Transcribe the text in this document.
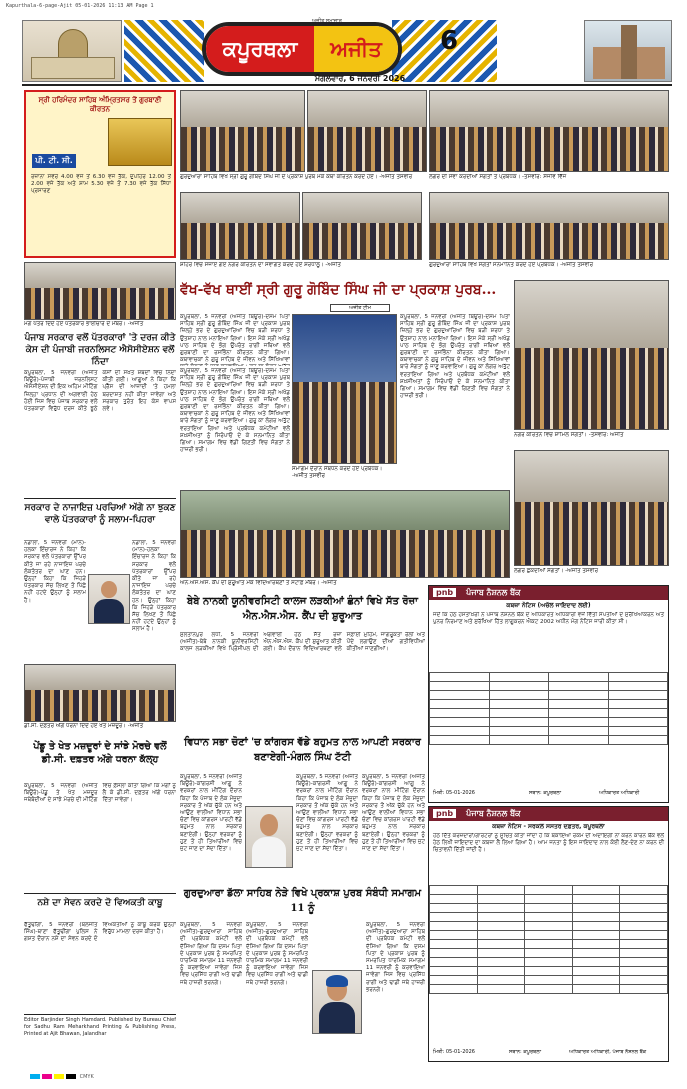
Kapurthala-6-page-Ajit 05-01-2026 11:13 AM Page 1
ਕਪੂਰਥਲਾ	ਅਜੀਤ
ਅਜੀਤ ਸਮਾਚਾਰ
ਮੰਗਲਵਾਰ, 6 ਜਨਵਰੀ 2026
6
ਸ੍ਰੀ ਹਰਿਮੰਦਰ ਸਾਹਿਬ ਅੰਮ੍ਰਿਤਸਰ ਤੋਂ ਗੁਰਬਾਣੀ ਕੀਰਤਨ
ਪੀ. ਟੀ. ਸੀ.
ਰੋਜ਼ਾਨਾ ਸਵੇਰੇ 4.00 ਵਜੇ ਤੋਂ 6.30 ਵਜੇ ਤੱਕ, ਦੁਪਹਿਰ 12.00 ਤੋਂ 2.00 ਵਜੇ ਤੱਕ ਅਤੇ ਸ਼ਾਮ 5.30 ਵਜੇ ਤੋਂ 7.30 ਵਜੇ ਤੱਕ ਸਿੱਧਾ ਪ੍ਰਸਾਰਣ
ਗੁਰਦੁਆਰਾ ਸਾਹਿਬ ਵਿਖੇ ਸ੍ਰੀ ਗੁਰੂ ਗੋਬਿੰਦ ਸਿੰਘ ਜੀ ਦੇ ਪ੍ਰਕਾਸ਼ ਪੁਰਬ ਮੌਕੇ ਕਥਾ ਕੀਰਤਨ ਕਰਦੇ ਹੋਏ। -ਅਜੀਤ ਤਸਵੀਰ	ਲੰਗਰ ਦੀ ਸੇਵਾ ਕਰਦੀਆਂ ਸੰਗਤਾਂ ਤੇ ਪ੍ਰਬੰਧਕ। -ਤਸਵੀਰ: ਸੰਜੀਵ ਵਿੱਜ
ਸ਼ਹਿਰ ਵਿਚ ਸਜਾਏ ਗਏ ਨਗਰ ਕੀਰਤਨ ਦਾ ਸਵਾਗਤ ਕਰਦੇ ਹੋਏ ਸ਼ਰਧਾਲੂ। -ਅਜੀਤ	ਗੁਰਦੁਆਰਾ ਸਾਹਿਬ ਵਿਖੇ ਸੰਗਤਾਂ ਸਨਮਾਨਿਤ ਕਰਦੇ ਹੋਏ ਪ੍ਰਬੰਧਕ। -ਅਜੀਤ ਤਸਵੀਰ
ਮੰਗ ਪੱਤਰ ਦਿੰਦੇ ਹੋਏ ਪੱਤਰਕਾਰ ਭਾਈਚਾਰੇ ਦੇ ਮੈਂਬਰ। -ਅਜੀਤ
ਪੰਜਾਬ ਸਰਕਾਰ ਵਲੋਂ ਪੱਤਰਕਾਰਾਂ 'ਤੇ ਦਰਜ ਕੀਤੇ ਕੇਸ ਦੀ ਪੰਜਾਬੀ ਜਰਨਲਿਸਟ ਐਸੋਸੀਏਸ਼ਨ ਵਲੋਂ ਨਿੰਦਾ
ਕਪੂਰਥਲਾ, 5 ਜਨਵਰੀ (ਅਜੀਤ ਬਿਊਰੋ)-ਪੰਜਾਬੀ ਜਰਨਲਿਸਟ ਐਸੋਸੀਏਸ਼ਨ ਦੀ ਇਕ ਅਹਿਮ ਮੀਟਿੰਗ ਜ਼ਿਲ੍ਹਾ ਪ੍ਰਧਾਨ ਦੀ ਅਗਵਾਈ ਹੇਠ ਹੋਈ ਜਿਸ ਵਿਚ ਪੰਜਾਬ ਸਰਕਾਰ ਵਲੋਂ ਪੱਤਰਕਾਰਾਂ ਵਿਰੁੱਧ ਦਰਜ ਕੀਤੇ ਝੂਠੇ ਕੇਸਾਂ ਦੀ ਸਖ਼ਤ ਸ਼ਬਦਾਂ ਵਿਚ ਨਿੰਦਾ ਕੀਤੀ ਗਈ। ਆਗੂਆਂ ਨੇ ਕਿਹਾ ਕਿ ਪ੍ਰੈੱਸ ਦੀ ਆਜ਼ਾਦੀ 'ਤੇ ਹਮਲਾ ਬਰਦਾਸ਼ਤ ਨਹੀਂ ਕੀਤਾ ਜਾਵੇਗਾ ਅਤੇ ਸਰਕਾਰ ਤੁਰੰਤ ਇਹ ਕੇਸ ਵਾਪਸ ਲਵੇ।
ਸਰਕਾਰ ਦੇ ਨਾਜਾਇਜ਼ ਪਰਚਿਆਂ ਅੱਗੇ ਨਾ ਝੁਕਣ ਵਾਲੇ ਪੱਤਰਕਾਰਾਂ ਨੂੰ ਸਲਾਮ-ਪਿਹਰਾ
ਨਡਾਲਾ, 5 ਜਨਵਰੀ (ਮਾਨ)-ਹਲਕਾ ਇੰਚਾਰਜ ਨੇ ਕਿਹਾ ਕਿ ਸਰਕਾਰ ਵਲੋਂ ਪੱਤਰਕਾਰਾਂ ਉੱਪਰ ਕੀਤੇ ਜਾ ਰਹੇ ਨਾਜਾਇਜ਼ ਪਰਚੇ ਲੋਕਤੰਤਰ ਦਾ ਘਾਣ ਹਨ। ਉਨ੍ਹਾਂ ਕਿਹਾ ਕਿ ਜਿਹੜੇ ਪੱਤਰਕਾਰ ਸੱਚ ਲਿਖਣ ਤੋਂ ਪਿੱਛੇ ਨਹੀਂ ਹਟਦੇ ਉਨ੍ਹਾਂ ਨੂੰ ਸਲਾਮ ਹੈ।
ਨਡਾਲਾ, 5 ਜਨਵਰੀ (ਮਾਨ)-ਹਲਕਾ ਇੰਚਾਰਜ ਨੇ ਕਿਹਾ ਕਿ ਸਰਕਾਰ ਵਲੋਂ ਪੱਤਰਕਾਰਾਂ ਉੱਪਰ ਕੀਤੇ ਜਾ ਰਹੇ ਨਾਜਾਇਜ਼ ਪਰਚੇ ਲੋਕਤੰਤਰ ਦਾ ਘਾਣ ਹਨ। ਉਨ੍ਹਾਂ ਕਿਹਾ ਕਿ ਜਿਹੜੇ ਪੱਤਰਕਾਰ ਸੱਚ ਲਿਖਣ ਤੋਂ ਪਿੱਛੇ ਨਹੀਂ ਹਟਦੇ ਉਨ੍ਹਾਂ ਨੂੰ ਸਲਾਮ ਹੈ।
ਡੀ.ਸੀ. ਦਫ਼ਤਰ ਅੱਗੇ ਧਰਨਾ ਦਿੰਦੇ ਹੋਏ ਖੇਤ ਮਜ਼ਦੂਰ। -ਅਜੀਤ
ਪੇਂਡੂ ਤੇ ਖੇਤ ਮਜ਼ਦੂਰਾਂ ਦੇ ਸਾਂਝੇ ਮੋਰਚੇ ਵਲੋਂ ਡੀ.ਸੀ. ਦਫ਼ਤਰ ਅੱਗੇ ਧਰਨਾ ਕੱਲ੍ਹ
ਕਪੂਰਥਲਾ, 5 ਜਨਵਰੀ (ਅਜੀਤ ਬਿਊਰੋ)-ਪੇਂਡੂ ਤੇ ਖੇਤ ਮਜ਼ਦੂਰ ਜਥੇਬੰਦੀਆਂ ਦੇ ਸਾਂਝੇ ਮੋਰਚੇ ਦੀ ਮੀਟਿੰਗ ਵਿਚ ਫ਼ੈਸਲਾ ਕੀਤਾ ਗਿਆ ਕਿ ਮੰਗਾਂ ਨੂੰ ਲੈ ਕੇ ਡੀ.ਸੀ. ਦਫ਼ਤਰ ਅੱਗੇ ਧਰਨਾ ਦਿੱਤਾ ਜਾਵੇਗਾ।
ਨਸ਼ੇ ਦਾ ਸੇਵਨ ਕਰਦੇ ਦੋ ਵਿਅਕਤੀ ਕਾਬੂ
ਫੱਤੂਢੀਂਗਾ, 5 ਜਨਵਰੀ (ਬਲਜੀਤ ਸਿੰਘ)-ਥਾਣਾ ਫੱਤੂਢੀਂਗਾ ਪੁਲਿਸ ਨੇ ਗਸ਼ਤ ਦੌਰਾਨ ਨਸ਼ੇ ਦਾ ਸੇਵਨ ਕਰਦੇ ਦੋ ਵਿਅਕਤੀਆਂ ਨੂੰ ਕਾਬੂ ਕਰਕੇ ਉਨ੍ਹਾਂ ਵਿਰੁੱਧ ਮਾਮਲਾ ਦਰਜ ਕੀਤਾ ਹੈ।
Editor Barjinder Singh Hamdard. Published by Bureau Chief for Sadhu Ram Meharkhand Printing & Publishing Press, Printed at Ajit Bhawan, Jalandhar
ਵੱਖ-ਵੱਖ ਥਾਈਂ ਸ੍ਰੀ ਗੁਰੂ ਗੋਬਿੰਦ ਸਿੰਘ ਜੀ ਦਾ ਪ੍ਰਕਾਸ਼ ਪੁਰਬ...
ਅਜੀਤ ਟੀਮ
ਕਪੂਰਥਲਾ, 5 ਜਨਵਰੀ (ਅਜੀਤ ਬਿਊਰੋ)-ਦਸਮ ਪਿਤਾ ਸਾਹਿਬ ਸ੍ਰੀ ਗੁਰੂ ਗੋਬਿੰਦ ਸਿੰਘ ਜੀ ਦਾ ਪ੍ਰਕਾਸ਼ ਪੁਰਬ ਜ਼ਿਲ੍ਹੇ ਭਰ ਦੇ ਗੁਰਦੁਆਰਿਆਂ ਵਿਚ ਬੜੀ ਸ਼ਰਧਾ ਤੇ ਉਤਸ਼ਾਹ ਨਾਲ ਮਨਾਇਆ ਗਿਆ। ਇਸ ਮੌਕੇ ਸ੍ਰੀ ਅਖੰਡ ਪਾਠ ਸਾਹਿਬ ਦੇ ਭੋਗ ਉਪਰੰਤ ਰਾਗੀ ਜਥਿਆਂ ਵਲੋਂ ਗੁਰਬਾਣੀ ਦਾ ਰਸਭਿੰਨਾ ਕੀਰਤਨ ਕੀਤਾ ਗਿਆ। ਕਥਾਵਾਚਕਾਂ ਨੇ ਗੁਰੂ ਸਾਹਿਬ ਦੇ ਜੀਵਨ ਅਤੇ ਸਿੱਖਿਆਵਾਂ
ਕਪੂਰਥਲਾ, 5 ਜਨਵਰੀ (ਅਜੀਤ ਬਿਊਰੋ)-ਦਸਮ ਪਿਤਾ ਸਾਹਿਬ ਸ੍ਰੀ ਗੁਰੂ ਗੋਬਿੰਦ ਸਿੰਘ ਜੀ ਦਾ ਪ੍ਰਕਾਸ਼ ਪੁਰਬ ਜ਼ਿਲ੍ਹੇ ਭਰ ਦੇ ਗੁਰਦੁਆਰਿਆਂ ਵਿਚ ਬੜੀ ਸ਼ਰਧਾ ਤੇ ਉਤਸ਼ਾਹ ਨਾਲ ਮਨਾਇਆ ਗਿਆ। ਇਸ ਮੌਕੇ ਸ੍ਰੀ ਅਖੰਡ ਪਾਠ ਸਾਹਿਬ ਦੇ ਭੋਗ ਉਪਰੰਤ ਰਾਗੀ ਜਥਿਆਂ ਵਲੋਂ ਗੁਰਬਾਣੀ ਦਾ ਰਸਭਿੰਨਾ ਕੀਰਤਨ ਕੀਤਾ ਗਿਆ। ਕਥਾਵਾਚਕਾਂ ਨੇ ਗੁਰੂ ਸਾਹਿਬ ਦੇ ਜੀਵਨ ਅਤੇ ਸਿੱਖਿਆਵਾਂ ਬਾਰੇ ਸੰਗਤਾਂ ਨੂੰ ਜਾਣੂ ਕਰਵਾਇਆ। ਗੁਰੂ ਕਾ ਲੰਗਰ ਅਤੁੱਟ ਵਰਤਾਇਆ ਗਿਆ ਅਤੇ ਪ੍ਰਬੰਧਕ ਕਮੇਟੀਆਂ ਵਲੋਂ ਸ਼ਖ਼ਸੀਅਤਾਂ ਨੂੰ ਸਿਰੋਪਾਓ ਦੇ ਕੇ ਸਨਮਾਨਿਤ ਕੀਤਾ ਗਿਆ। ਸਮਾਗਮ ਵਿਚ ਵੱਡੀ ਗਿਣਤੀ ਵਿਚ ਸੰਗਤਾਂ ਨੇ ਹਾਜ਼ਰੀ ਭਰੀ।
ਸਮਾਗਮ ਦੌਰਾਨ ਸੰਬੋਧਨ ਕਰਦੇ ਹੋਏ ਪ੍ਰਬੰਧਕ। -ਅਜੀਤ ਤਸਵੀਰ
ਕਪੂਰਥਲਾ, 5 ਜਨਵਰੀ (ਅਜੀਤ ਬਿਊਰੋ)-ਦਸਮ ਪਿਤਾ ਸਾਹਿਬ ਸ੍ਰੀ ਗੁਰੂ ਗੋਬਿੰਦ ਸਿੰਘ ਜੀ ਦਾ ਪ੍ਰਕਾਸ਼ ਪੁਰਬ ਜ਼ਿਲ੍ਹੇ ਭਰ ਦੇ ਗੁਰਦੁਆਰਿਆਂ ਵਿਚ ਬੜੀ ਸ਼ਰਧਾ ਤੇ ਉਤਸ਼ਾਹ ਨਾਲ ਮਨਾਇਆ ਗਿਆ। ਇਸ ਮੌਕੇ ਸ੍ਰੀ ਅਖੰਡ ਪਾਠ ਸਾਹਿਬ ਦੇ ਭੋਗ ਉਪਰੰਤ ਰਾਗੀ ਜਥਿਆਂ ਵਲੋਂ ਗੁਰਬਾਣੀ ਦਾ ਰਸਭਿੰਨਾ ਕੀਰਤਨ ਕੀਤਾ ਗਿਆ। ਕਥਾਵਾਚਕਾਂ ਨੇ ਗੁਰੂ ਸਾਹਿਬ ਦੇ ਜੀਵਨ ਅਤੇ ਸਿੱਖਿਆਵਾਂ ਬਾਰੇ ਸੰਗਤਾਂ ਨੂੰ ਜਾਣੂ ਕਰਵਾਇਆ। ਗੁਰੂ ਕਾ ਲੰਗਰ ਅਤੁੱਟ ਵਰਤਾਇਆ ਗਿਆ ਅਤੇ ਪ੍ਰਬੰਧਕ ਕਮੇਟੀਆਂ ਵਲੋਂ ਸ਼ਖ਼ਸੀਅਤਾਂ ਨੂੰ ਸਿਰੋਪਾਓ ਦੇ ਕੇ ਸਨਮਾਨਿਤ ਕੀਤਾ ਗਿਆ। ਸਮਾਗਮ ਵਿਚ ਵੱਡੀ ਗਿਣਤੀ ਵਿਚ ਸੰਗਤਾਂ ਨੇ ਹਾਜ਼ਰੀ ਭਰੀ।
ਨਗਰ ਕੀਰਤਨ ਵਿਚ ਸ਼ਾਮਿਲ ਸੰਗਤਾਂ। -ਤਸਵੀਰ: ਅਜੀਤ
ਲੰਗਰ ਛਕਦੀਆਂ ਸੰਗਤਾਂ। -ਅਜੀਤ ਤਸਵੀਰ
ਐਨ.ਐਸ.ਐਸ. ਕੈਂਪ ਦੀ ਸ਼ੁਰੂਆਤ ਮੌਕੇ ਵਿਦਿਆਰਥਣਾਂ ਤੇ ਸਟਾਫ਼ ਮੈਂਬਰ। -ਅਜੀਤ
ਬੇਬੇ ਨਾਨਕੀ ਯੂਨੀਵਰਸਿਟੀ ਕਾਲਜ ਲੜਕੀਆਂ ਛੰਨਾਂ ਵਿਖੇ ਸੱਤ ਰੋਜ਼ਾ ਐਨ.ਐਸ.ਐਸ. ਕੈਂਪ ਦੀ ਸ਼ੁਰੂਆਤ
ਸੁਲਤਾਨਪੁਰ ਲੋਧੀ, 5 ਜਨਵਰੀ (ਅਜੀਤ)-ਬੇਬੇ ਨਾਨਕੀ ਯੂਨੀਵਰਸਿਟੀ ਕਾਲਜ ਲੜਕੀਆਂ ਵਿਖੇ ਪ੍ਰਿੰਸੀਪਲ ਦੀ ਅਗਵਾਈ ਹੇਠ ਸੱਤ ਰੋਜ਼ਾ ਐਨ.ਐਸ.ਐਸ. ਕੈਂਪ ਦੀ ਸ਼ੁਰੂਆਤ ਕੀਤੀ ਗਈ। ਕੈਂਪ ਦੌਰਾਨ ਵਿਦਿਆਰਥਣਾਂ ਵਲੋਂ ਸਫ਼ਾਈ ਮੁਹਿੰਮ, ਜਾਗਰੂਕਤਾ ਰੈਲੀ ਅਤੇ ਪੌਦੇ ਲਗਾਉਣ ਦੀਆਂ ਗਤੀਵਿਧੀਆਂ ਕੀਤੀਆਂ ਜਾਣਗੀਆਂ।
pnb ਪੰਜਾਬ ਨੈਸ਼ਨਲ ਬੈਂਕ
ਕਬਜ਼ਾ ਨੋਟਿਸ (ਅਚੱਲ ਜਾਇਦਾਦ ਲਈ)
ਜਦੋਂ ਕਿ ਹੇਠ ਹਸਤਾਖ਼ਰੀ ਨੇ ਪੰਜਾਬ ਨੈਸ਼ਨਲ ਬੈਂਕ ਦੇ ਅਧਿਕਾਰਤ ਅਧਿਕਾਰੀ ਵਜੋਂ ਵਿੱਤੀ ਸੰਪਤੀਆਂ ਦੇ ਸੁਰੱਖਿਆਕਰਨ ਅਤੇ ਪੁਨਰ ਨਿਰਮਾਣ ਅਤੇ ਸੁਰੱਖਿਆ ਹਿੱਤ ਲਾਗੂਕਰਨ ਐਕਟ 2002 ਅਧੀਨ ਮੰਗ ਨੋਟਿਸ ਜਾਰੀ ਕੀਤਾ ਸੀ।

ਮਿਤੀ: 05-01-2026	ਸਥਾਨ: ਕਪੂਰਥਲਾ	ਅਧਿਕਾਰਤ ਅਧਿਕਾਰੀ
ਵਿਧਾਨ ਸਭਾ ਚੋਣਾਂ 'ਚ ਕਾਂਗਰਸ ਵੱਡੇ ਬਹੁਮਤ ਨਾਲ ਆਪਣੀ ਸਰਕਾਰ ਬਣਾਏਗੀ-ਮੰਗਲ ਸਿੰਘ ਟੱਟੀ
ਕਪੂਰਥਲਾ, 5 ਜਨਵਰੀ (ਅਜੀਤ ਬਿਊਰੋ)-ਕਾਂਗਰਸੀ ਆਗੂ ਨੇ ਵਰਕਰਾਂ ਨਾਲ ਮੀਟਿੰਗ ਦੌਰਾਨ ਕਿਹਾ ਕਿ ਪੰਜਾਬ ਦੇ ਲੋਕ ਮੌਜੂਦਾ ਸਰਕਾਰ ਤੋਂ ਅੱਕ ਚੁੱਕੇ ਹਨ ਅਤੇ ਆਉਣ ਵਾਲੀਆਂ ਵਿਧਾਨ ਸਭਾ ਚੋਣਾਂ ਵਿਚ ਕਾਂਗਰਸ ਪਾਰਟੀ ਵੱਡੇ ਬਹੁਮਤ ਨਾਲ ਸਰਕਾਰ ਬਣਾਏਗੀ। ਉਨ੍ਹਾਂ ਵਰਕਰਾਂ ਨੂੰ ਹੁਣ ਤੋਂ ਹੀ ਤਿਆਰੀਆਂ ਵਿਚ ਜੁਟ ਜਾਣ ਦਾ ਸੱਦਾ ਦਿੱਤਾ।
ਕਪੂਰਥਲਾ, 5 ਜਨਵਰੀ (ਅਜੀਤ ਬਿਊਰੋ)-ਕਾਂਗਰਸੀ ਆਗੂ ਨੇ ਵਰਕਰਾਂ ਨਾਲ ਮੀਟਿੰਗ ਦੌਰਾਨ ਕਿਹਾ ਕਿ ਪੰਜਾਬ ਦੇ ਲੋਕ ਮੌਜੂਦਾ ਸਰਕਾਰ ਤੋਂ ਅੱਕ ਚੁੱਕੇ ਹਨ ਅਤੇ ਆਉਣ ਵਾਲੀਆਂ ਵਿਧਾਨ ਸਭਾ ਚੋਣਾਂ ਵਿਚ ਕਾਂਗਰਸ ਪਾਰਟੀ ਵੱਡੇ ਬਹੁਮਤ ਨਾਲ ਸਰਕਾਰ ਬਣਾਏਗੀ। ਉਨ੍ਹਾਂ ਵਰਕਰਾਂ ਨੂੰ ਹੁਣ ਤੋਂ ਹੀ ਤਿਆਰੀਆਂ ਵਿਚ ਜੁਟ ਜਾਣ ਦਾ ਸੱਦਾ ਦਿੱਤਾ।
ਕਪੂਰਥਲਾ, 5 ਜਨਵਰੀ (ਅਜੀਤ ਬਿਊਰੋ)-ਕਾਂਗਰਸੀ ਆਗੂ ਨੇ ਵਰਕਰਾਂ ਨਾਲ ਮੀਟਿੰਗ ਦੌਰਾਨ ਕਿਹਾ ਕਿ ਪੰਜਾਬ ਦੇ ਲੋਕ ਮੌਜੂਦਾ ਸਰਕਾਰ ਤੋਂ ਅੱਕ ਚੁੱਕੇ ਹਨ ਅਤੇ ਆਉਣ ਵਾਲੀਆਂ ਵਿਧਾਨ ਸਭਾ ਚੋਣਾਂ ਵਿਚ ਕਾਂਗਰਸ ਪਾਰਟੀ ਵੱਡੇ ਬਹੁਮਤ ਨਾਲ ਸਰਕਾਰ ਬਣਾਏਗੀ। ਉਨ੍ਹਾਂ ਵਰਕਰਾਂ ਨੂੰ ਹੁਣ ਤੋਂ ਹੀ ਤਿਆਰੀਆਂ ਵਿਚ ਜੁਟ ਜਾਣ ਦਾ ਸੱਦਾ ਦਿੱਤਾ।
ਗੁਰਦੁਆਰਾ ਡੱਲਾ ਸਾਹਿਬ ਨੇੜੇ ਵਿਖੇ ਪ੍ਰਕਾਸ਼ ਪੁਰਬ ਸੰਬੰਧੀ ਸਮਾਗਮ 11 ਨੂੰ
ਕਪੂਰਥਲਾ, 5 ਜਨਵਰੀ (ਅਜੀਤ)-ਗੁਰਦੁਆਰਾ ਸਾਹਿਬ ਦੀ ਪ੍ਰਬੰਧਕ ਕਮੇਟੀ ਵਲੋਂ ਦੱਸਿਆ ਗਿਆ ਕਿ ਦਸਮ ਪਿਤਾ ਦੇ ਪ੍ਰਕਾਸ਼ ਪੁਰਬ ਨੂੰ ਸਮਰਪਿਤ ਧਾਰਮਿਕ ਸਮਾਗਮ 11 ਜਨਵਰੀ ਨੂੰ ਕਰਵਾਇਆ ਜਾਵੇਗਾ ਜਿਸ ਵਿਚ ਪ੍ਰਸਿੱਧ ਰਾਗੀ ਅਤੇ ਢਾਡੀ ਜਥੇ ਹਾਜ਼ਰੀ ਭਰਨਗੇ।
ਕਪੂਰਥਲਾ, 5 ਜਨਵਰੀ (ਅਜੀਤ)-ਗੁਰਦੁਆਰਾ ਸਾਹਿਬ ਦੀ ਪ੍ਰਬੰਧਕ ਕਮੇਟੀ ਵਲੋਂ ਦੱਸਿਆ ਗਿਆ ਕਿ ਦਸਮ ਪਿਤਾ ਦੇ ਪ੍ਰਕਾਸ਼ ਪੁਰਬ ਨੂੰ ਸਮਰਪਿਤ ਧਾਰਮਿਕ ਸਮਾਗਮ 11 ਜਨਵਰੀ ਨੂੰ ਕਰਵਾਇਆ ਜਾਵੇਗਾ ਜਿਸ ਵਿਚ ਪ੍ਰਸਿੱਧ ਰਾਗੀ ਅਤੇ ਢਾਡੀ ਜਥੇ ਹਾਜ਼ਰੀ ਭਰਨਗੇ।
ਕਪੂਰਥਲਾ, 5 ਜਨਵਰੀ (ਅਜੀਤ)-ਗੁਰਦੁਆਰਾ ਸਾਹਿਬ ਦੀ ਪ੍ਰਬੰਧਕ ਕਮੇਟੀ ਵਲੋਂ ਦੱਸਿਆ ਗਿਆ ਕਿ ਦਸਮ ਪਿਤਾ ਦੇ ਪ੍ਰਕਾਸ਼ ਪੁਰਬ ਨੂੰ ਸਮਰਪਿਤ ਧਾਰਮਿਕ ਸਮਾਗਮ 11 ਜਨਵਰੀ ਨੂੰ ਕਰਵਾਇਆ ਜਾਵੇਗਾ ਜਿਸ ਵਿਚ ਪ੍ਰਸਿੱਧ ਰਾਗੀ ਅਤੇ ਢਾਡੀ ਜਥੇ ਹਾਜ਼ਰੀ ਭਰਨਗੇ।
pnb ਪੰਜਾਬ ਨੈਸ਼ਨਲ ਬੈਂਕ
ਕਬਜ਼ਾ ਨੋਟਿਸ - ਸਰਕਲ ਸਸਤਰ ਦਫ਼ਤਰ, ਕਪੂਰਥਲਾ
ਹੇਠ ਦਿੱਤੇ ਕਰਜ਼ਦਾਰਾਂ/ਗਾਰੰਟਰਾਂ ਨੂੰ ਸੂਚਿਤ ਕੀਤਾ ਜਾਂਦਾ ਹੈ ਕਿ ਬਕਾਇਆ ਰਕਮ ਦੀ ਅਦਾਇਗੀ ਨਾ ਕਰਨ ਕਾਰਨ ਬੈਂਕ ਵਲੋਂ ਹੇਠ ਲਿਖੀ ਜਾਇਦਾਦ ਦਾ ਕਬਜ਼ਾ ਲੈ ਲਿਆ ਗਿਆ ਹੈ। ਆਮ ਜਨਤਾ ਨੂੰ ਇਸ ਜਾਇਦਾਦ ਨਾਲ ਕੋਈ ਲੈਣ-ਦੇਣ ਨਾ ਕਰਨ ਦੀ ਚਿਤਾਵਨੀ ਦਿੱਤੀ ਜਾਂਦੀ ਹੈ।

ਮਿਤੀ: 05-01-2026	ਸਥਾਨ: ਕਪੂਰਥਲਾ	ਅਧਿਕਾਰਤ ਅਧਿਕਾਰੀ, ਪੰਜਾਬ ਨੈਸ਼ਨਲ ਬੈਂਕ
CMYK
